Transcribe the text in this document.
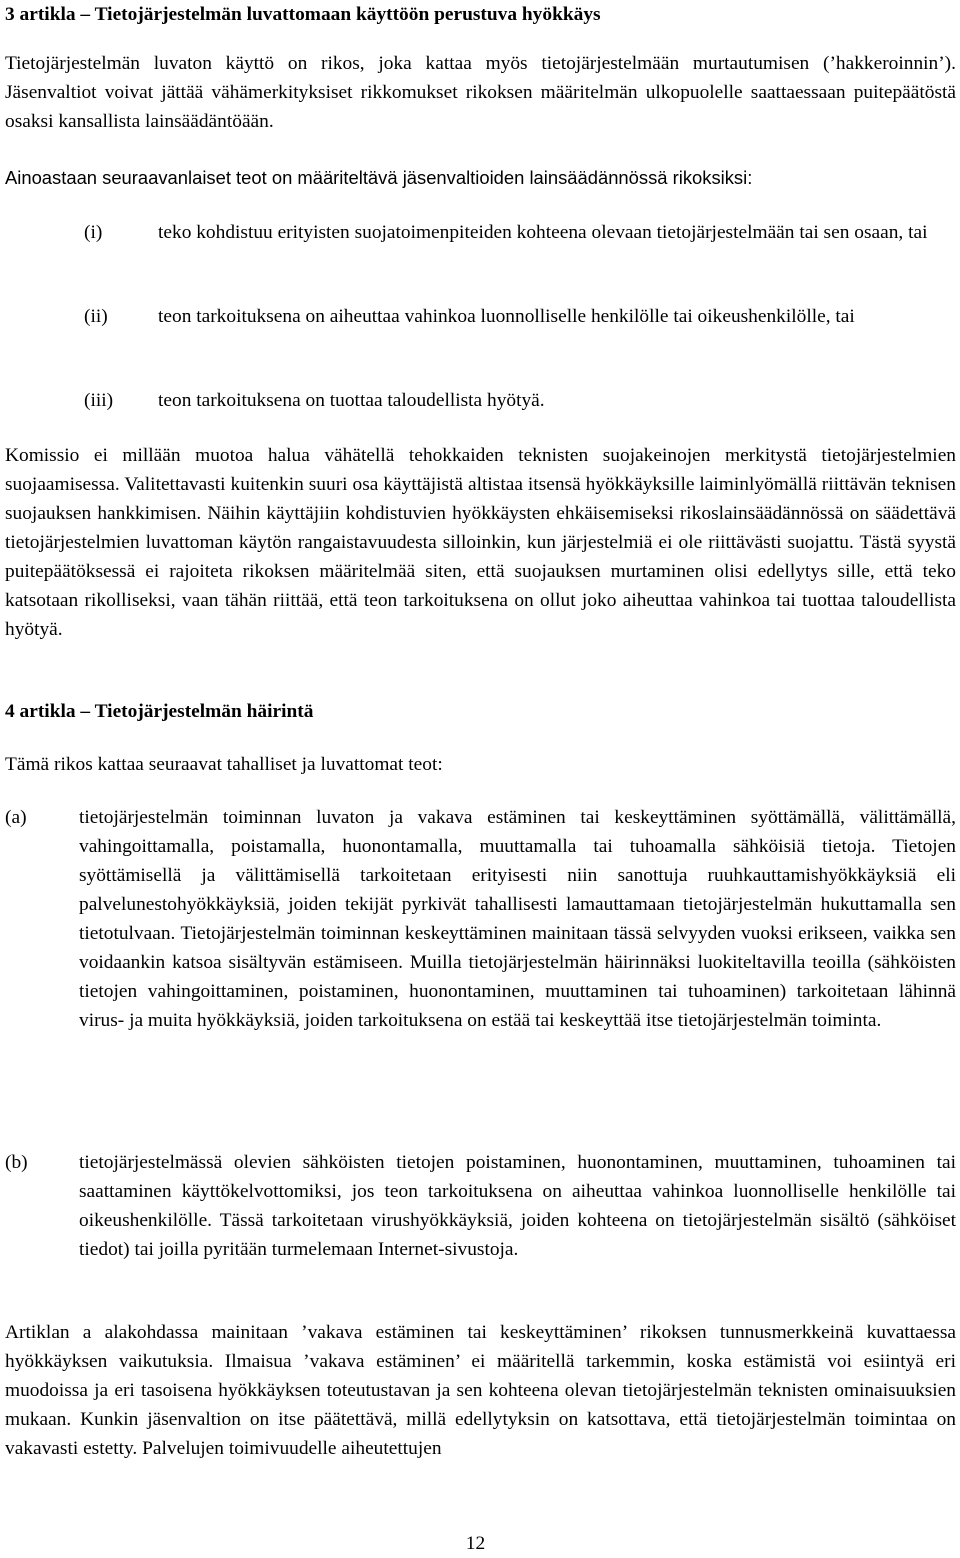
3 artikla – Tietojärjestelmän luvattomaan käyttöön perustuva hyökkäys

Tietojärjestelmän luvaton käyttö on rikos, joka kattaa myös tietojärjestelmään murtautumisen (’hakkeroinnin’). Jäsenvaltiot voivat jättää vähämerkityksiset rikkomukset rikoksen määritelmän ulkopuolelle saattaessaan puitepäätöstä osaksi kansallista lainsäädäntöään.

Ainoastaan seuraavanlaiset teot on määriteltävä jäsenvaltioiden lainsäädännössä rikoksiksi:

(i)	teko kohdistuu erityisten suojatoimenpiteiden kohteena olevaan tietojärjestelmään tai sen osaan, tai
(ii)	teon tarkoituksena on aiheuttaa vahinkoa luonnolliselle henkilölle tai oikeushenkilölle, tai
(iii)	teon tarkoituksena on tuottaa taloudellista hyötyä.

Komissio ei millään muotoa halua vähätellä tehokkaiden teknisten suojakeinojen merkitystä tietojärjestelmien suojaamisessa. Valitettavasti kuitenkin suuri osa käyttäjistä altistaa itsensä hyökkäyksille laiminlyömällä riittävän teknisen suojauksen hankkimisen. Näihin käyttäjiin kohdistuvien hyökkäysten ehkäisemiseksi rikoslainsäädännössä on säädettävä tietojärjestelmien luvattoman käytön rangaistavuudesta silloinkin, kun järjestelmiä ei ole riittävästi suojattu. Tästä syystä puitepäätöksessä ei rajoiteta rikoksen määritelmää siten, että suojauksen murtaminen olisi edellytys sille, että teko katsotaan rikolliseksi, vaan tähän riittää, että teon tarkoituksena on ollut joko aiheuttaa vahinkoa tai tuottaa taloudellista hyötyä.

4 artikla – Tietojärjestelmän häirintä

Tämä rikos kattaa seuraavat tahalliset ja luvattomat teot:

(a)	tietojärjestelmän toiminnan luvaton ja vakava estäminen tai keskeyttäminen syöttämällä, välittämällä, vahingoittamalla, poistamalla, huonontamalla, muuttamalla tai tuhoamalla sähköisiä tietoja. Tietojen syöttämisellä ja välittämisellä tarkoitetaan erityisesti niin sanottuja ruuhkauttamishyökkäyksiä eli palvelunestohyökkäyksiä, joiden tekijät pyrkivät tahallisesti lamauttamaan tietojärjestelmän hukuttamalla sen tietotulvaan. Tietojärjestelmän toiminnan keskeyttäminen mainitaan tässä selvyyden vuoksi erikseen, vaikka sen voidaankin katsoa sisältyvän estämiseen. Muilla tietojärjestelmän häirinnäksi luokiteltavilla teoilla (sähköisten tietojen vahingoittaminen, poistaminen, huonontaminen, muuttaminen tai tuhoaminen) tarkoitetaan lähinnä virus- ja muita hyökkäyksiä, joiden tarkoituksena on estää tai keskeyttää itse tietojärjestelmän toiminta.
(b)	tietojärjestelmässä olevien sähköisten tietojen poistaminen, huonontaminen, muuttaminen, tuhoaminen tai saattaminen käyttökelvottomiksi, jos teon tarkoituksena on aiheuttaa vahinkoa luonnolliselle henkilölle tai oikeushenkilölle. Tässä tarkoitetaan virushyökkäyksiä, joiden kohteena on tietojärjestelmän sisältö (sähköiset tiedot) tai joilla pyritään turmelemaan Internet-sivustoja.

Artiklan a alakohdassa mainitaan ’vakava estäminen tai keskeyttäminen’ rikoksen tunnusmerkkeinä kuvattaessa hyökkäyksen vaikutuksia. Ilmaisua ’vakava estäminen’ ei määritellä tarkemmin, koska estämistä voi esiintyä eri muodoissa ja eri tasoisena hyökkäyksen toteutustavan ja sen kohteena olevan tietojärjestelmän teknisten ominaisuuksien mukaan. Kunkin jäsenvaltion on itse päätettävä, millä edellytyksin on katsottava, että tietojärjestelmän toimintaa on vakavasti estetty. Palvelujen toimivuudelle aiheutettujen

12
